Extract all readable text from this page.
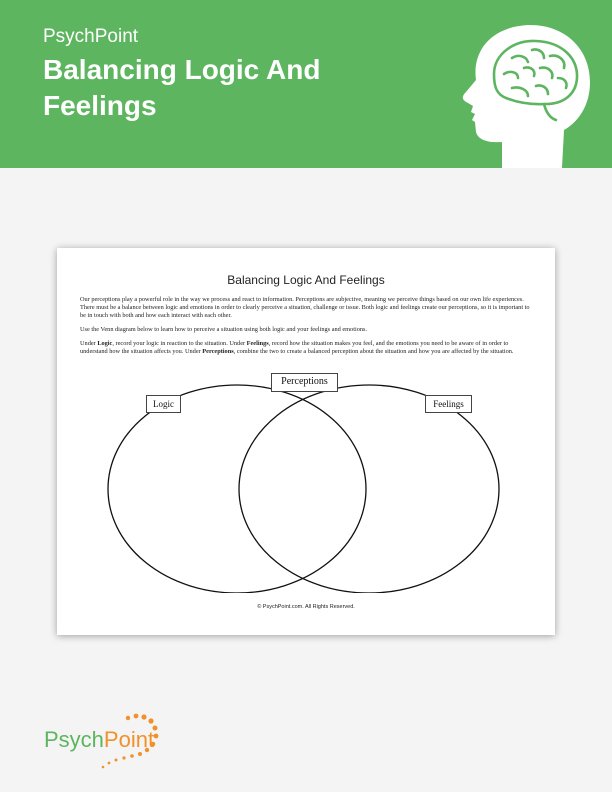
PsychPoint
Balancing Logic And Feelings
Balancing Logic And Feelings
Our perceptions play a powerful role in the way we process and react to information. Perceptions are subjective, meaning we perceive things based on our own life experiences. There must be a balance between logic and emotions in order to clearly perceive a situation, challenge or issue. Both logic and feelings create our perceptions, so it is important to be in touch with both and how each interact with each other.
Use the Venn diagram below to learn how to perceive a situation using both logic and your feelings and emotions.
Under Logic, record your logic in reaction to the situation. Under Feelings, record how the situation makes you feel, and the emotions you need to be aware of in order to understand how the situation affects you. Under Perceptions, combine the two to create a balanced perception about the situation and how you are affected by the situation.
Logic
Perceptions
Feelings
© PsychPoint.com. All Rights Reserved.
PsychPoint
